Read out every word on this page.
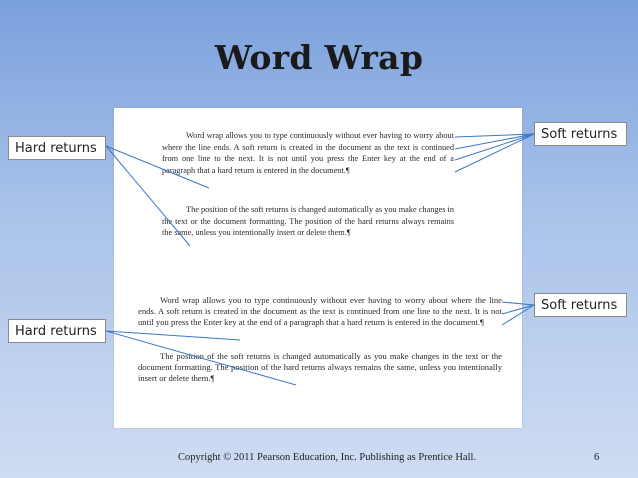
Word Wrap

Word wrap allows you to type continuously without ever having to worry about where the line ends. A soft return is created in the document as the text is continued from one line to the next. It is not until you press the Enter key at the end of a paragraph that a hard return is entered in the document.¶

The position of the soft returns is changed automatically as you make changes in the text or the document formatting. The position of the hard returns always remains the same, unless you intentionally insert or delete them.¶

Word wrap allows you to type continuously without ever having to worry about where the line ends. A soft return is created in the document as the text is continued from one line to the next. It is not until you press the Enter key at the end of a paragraph that a hard return is entered in the document.¶

The position of the soft returns is changed automatically as you make changes in the text or the document formatting. The position of the hard returns always remains the same, unless you intentionally insert or delete them.¶

Hard returns
Soft returns
Hard returns
Soft returns
Copyright © 2011 Pearson Education, Inc. Publishing as Prentice Hall.	6
